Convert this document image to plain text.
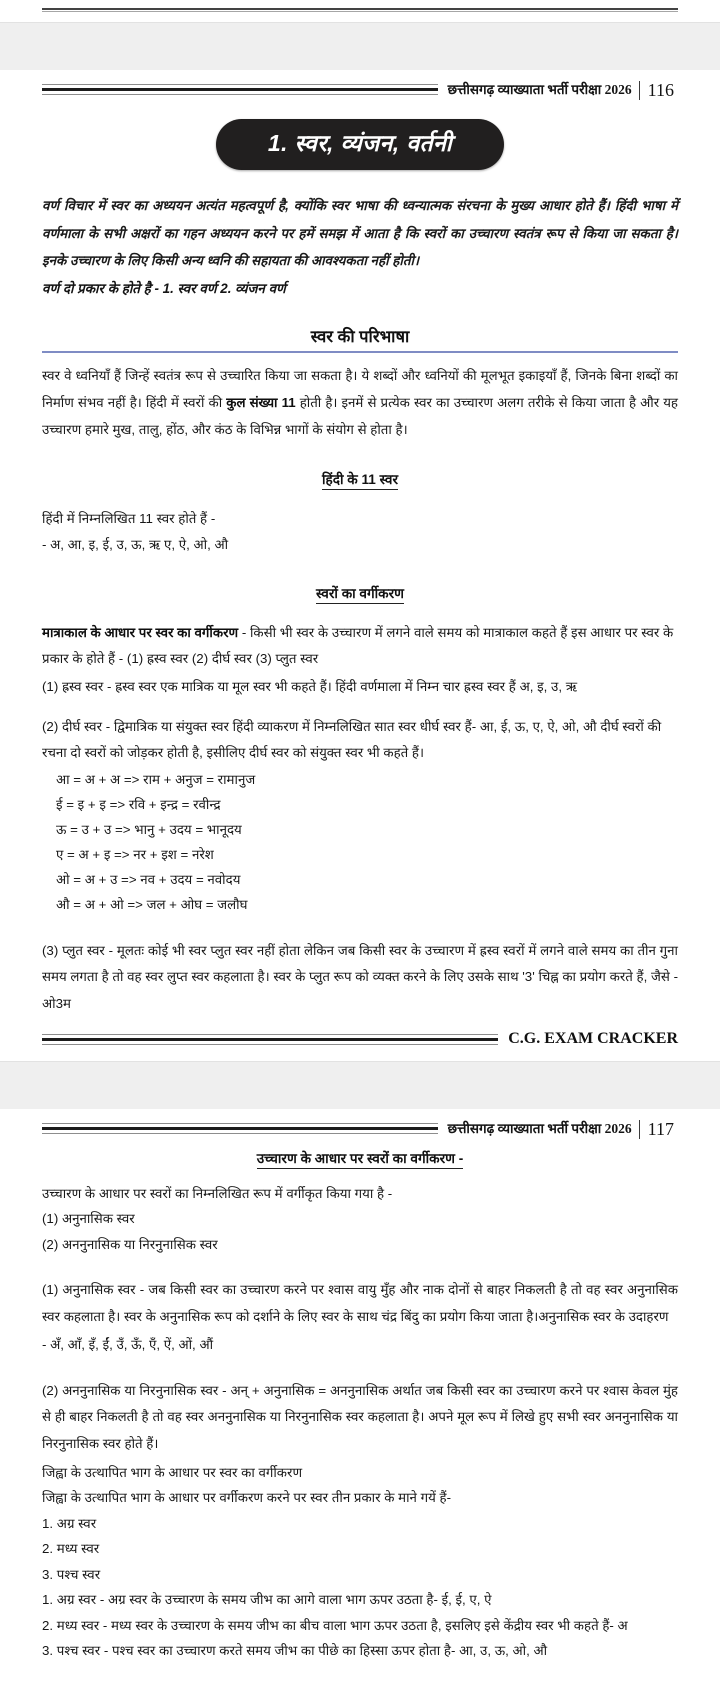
छत्तीसगढ़ व्याख्याता भर्ती परीक्षा 2026 116
1. स्वर, व्यंजन, वर्तनी

वर्ण विचार में स्वर का अध्ययन अत्यंत महत्वपूर्ण है, क्योंकि स्वर भाषा की ध्वन्यात्मक संरचना के मुख्य आधार होते हैं। हिंदी भाषा में वर्णमाला के सभी अक्षरों का गहन अध्ययन करने पर हमें समझ में आता है कि स्वरों का उच्चारण स्वतंत्र रूप से किया जा सकता है। इनके उच्चारण के लिए किसी अन्य ध्वनि की सहायता की आवश्यकता नहीं होती।

वर्ण दो प्रकार के होते है - 1. स्वर वर्ण 2. व्यंजन वर्ण

स्वर की परिभाषा

स्वर वे ध्वनियाँ हैं जिन्हें स्वतंत्र रूप से उच्चारित किया जा सकता है। ये शब्दों और ध्वनियों की मूलभूत इकाइयाँ हैं, जिनके बिना शब्दों का निर्माण संभव नहीं है। हिंदी में स्वरों की कुल संख्या 11 होती है। इनमें से प्रत्येक स्वर का उच्चारण अलग तरीके से किया जाता है और यह उच्चारण हमारे मुख, तालु, होंठ, और कंठ के विभिन्न भागों के संयोग से होता है।

हिंदी के 11 स्वर

हिंदी में निम्नलिखित 11 स्वर होते हैं -

- अ, आ, इ, ई, उ, ऊ, ऋ ए, ऐ, ओ, औ

स्वरों का वर्गीकरण

मात्राकाल के आधार पर स्वर का वर्गीकरण - किसी भी स्वर के उच्चारण में लगने वाले समय को मात्राकाल कहते हैं इस आधार पर स्वर के प्रकार के होते हैं - (1) ह्रस्व स्वर (2) दीर्घ स्वर (3) प्लुत स्वर

(1) ह्रस्व स्वर - ह्रस्व स्वर एक मात्रिक या मूल स्वर भी कहते हैं। हिंदी वर्णमाला में निम्न चार ह्रस्व स्वर हैं अ, इ, उ, ऋ

(2) दीर्घ स्वर - द्विमात्रिक या संयुक्त स्वर हिंदी व्याकरण में निम्नलिखित सात स्वर धीर्घ स्वर हैं- आ, ई, ऊ, ए, ऐ, ओ, औ दीर्घ स्वरों की रचना दो स्वरों को जोड़कर होती है, इसीलिए दीर्घ स्वर को संयुक्त स्वर भी कहते हैं।

आ = अ + अ => राम + अनुज = रामानुज

ई = इ + इ => रवि + इन्द्र = रवीन्द्र

ऊ = उ + उ => भानु + उदय = भानूदय

ए = अ + इ => नर + इश = नरेश

ओ = अ + उ => नव + उदय = नवोदय

औ = अ + ओ => जल + ओघ = जलौघ

(3) प्लुत स्वर - मूलतः कोई भी स्वर प्लुत स्वर नहीं होता लेकिन जब किसी स्वर के उच्चारण में ह्रस्व स्वरों में लगने वाले समय का तीन गुना समय लगता है तो वह स्वर लुप्त स्वर कहलाता है। स्वर के प्लुत रूप को व्यक्त करने के लिए उसके साथ '3' चिह्न का प्रयोग करते हैं, जैसे - ओ3म

C.G. EXAM CRACKER
छत्तीसगढ़ व्याख्याता भर्ती परीक्षा 2026 117
उच्चारण के आधार पर स्वरों का वर्गीकरण -

उच्चारण के आधार पर स्वरों का निम्नलिखित रूप में वर्गीकृत किया गया है -

(1) अनुनासिक स्वर

(2) अननुनासिक या निरनुनासिक स्वर

(1) अनुनासिक स्वर - जब किसी स्वर का उच्चारण करने पर श्वास वायु मुँह और नाक दोनों से बाहर निकलती है तो वह स्वर अनुनासिक स्वर कहलाता है। स्वर के अनुनासिक रूप को दर्शाने के लिए स्वर के साथ चंद्र बिंदु का प्रयोग किया जाता है।अनुनासिक स्वर के उदाहरण

- अँ, आँ, इँ, ईं, उँ, ऊँ, एँ, ऐं, ओं, औं

(2) अननुनासिक या निरनुनासिक स्वर - अन् + अनुनासिक = अननुनासिक अर्थात जब किसी स्वर का उच्चारण करने पर श्वास केवल मुंह से ही बाहर निकलती है तो वह स्वर अननुनासिक या निरनुनासिक स्वर कहलाता है। अपने मूल रूप में लिखे हुए सभी स्वर अननुनासिक या निरनुनासिक स्वर होते हैं।

जिह्वा के उत्थापित भाग के आधार पर स्वर का वर्गीकरण

जिह्वा के उत्थापित भाग के आधार पर वर्गीकरण करने पर स्वर तीन प्रकार के माने गयें हैं-

1. अग्र स्वर

2. मध्य स्वर

3. पश्च स्वर

1. अग्र स्वर - अग्र स्वर के उच्चारण के समय जीभ का आगे वाला भाग ऊपर उठता है- ई, ई, ए, ऐ

2. मध्य स्वर - मध्य स्वर के उच्चारण के समय जीभ का बीच वाला भाग ऊपर उठता है, इसलिए इसे केंद्रीय स्वर भी कहते हैं- अ

3. पश्च स्वर - पश्च स्वर का उच्चारण करते समय जीभ का पीछे का हिस्सा ऊपर होता है- आ, उ, ऊ, ओ, औ
